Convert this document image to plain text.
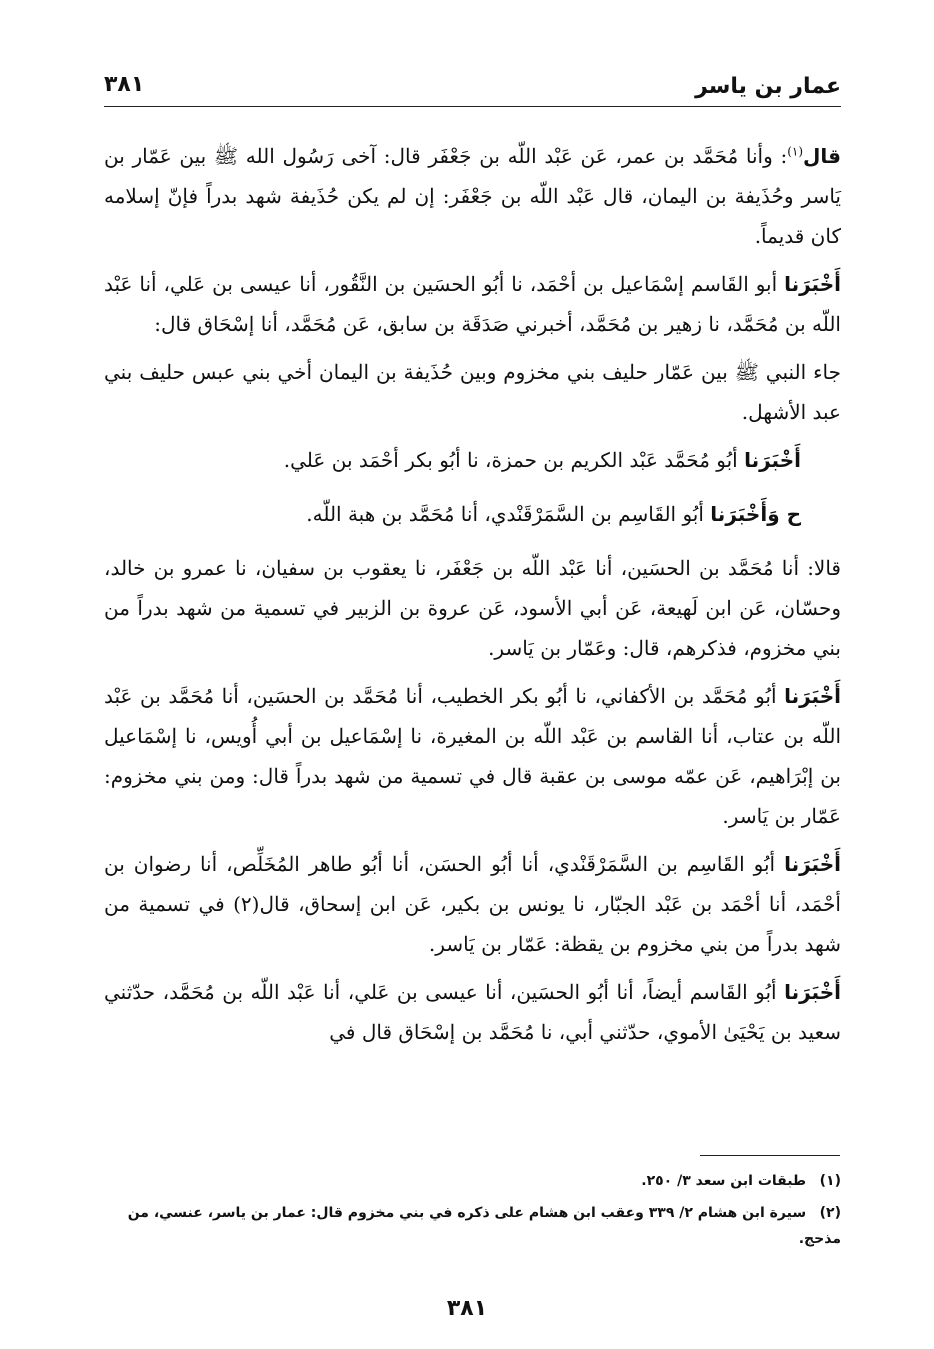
عمار بن ياسر
٣٨١

قال$^{(١)}$: وأنا مُحَمَّد بن عمر، عَن عَبْد اللّه بن جَعْفَر قال: آخى رَسُول الله ﷺ بين عَمّار بن يَاسر وحُذَيفة بن اليمان، قال عَبْد اللّه بن جَعْفَر: إن لم يكن حُذَيفة شهد بدراً فإنّ إسلامه كان قديماً.

أَخْبَرَنا أبو القَاسم إسْمَاعيل بن أحْمَد، نا أبُو الحسَين بن النَّقُور، أنا عيسى بن عَلي، أنا عَبْد اللّه بن مُحَمَّد، نا زهير بن مُحَمَّد، أخبرني صَدَقَة بن سابق، عَن مُحَمَّد، أنا إسْحَاق قال:

جاء النبي ﷺ بين عَمّار حليف بني مخزوم وبين حُذَيفة بن اليمان أخي بني عبس حليف بني عبد الأشهل.

أَخْبَرَنا أبُو مُحَمَّد عَبْد الكريم بن حمزة، نا أبُو بكر أحْمَد بن عَلي.

ح وَأَخْبَرَنا أبُو القَاسِم بن السَّمَرْقَنْدي، أنا مُحَمَّد بن هبة اللّه.

قالا: أنا مُحَمَّد بن الحسَين، أنا عَبْد اللّه بن جَعْفَر، نا يعقوب بن سفيان، نا عمرو بن خالد، وحسّان، عَن ابن لَهيعة، عَن أبي الأسود، عَن عروة بن الزبير في تسمية من شهد بدراً من بني مخزوم، فذكرهم، قال: وعَمّار بن يَاسر.

أَخْبَرَنا أبُو مُحَمَّد بن الأكفاني، نا أبُو بكر الخطيب، أنا مُحَمَّد بن الحسَين، أنا مُحَمَّد بن عَبْد اللّه بن عتاب، أنا القاسم بن عَبْد اللّه بن المغيرة، نا إسْمَاعيل بن أبي أُويس، نا إسْمَاعيل بن إبْرَاهيم، عَن عمّه موسى بن عقبة قال في تسمية من شهد بدراً قال: ومن بني مخزوم: عَمّار بن يَاسر.

أَخْبَرَنا أبُو القَاسِم بن السَّمَرْقَنْدي، أنا أبُو الحسَن، أنا أبُو طاهر المُخَلِّص، أنا رضوان بن أحْمَد، أنا أحْمَد بن عَبْد الجبّار، نا يونس بن بكير، عَن ابن إسحاق، قال(٢) في تسمية من شهد بدراً من بني مخزوم بن يقظة: عَمّار بن يَاسر.

أَخْبَرَنا أبُو القَاسم أيضاً، أنا أبُو الحسَين، أنا عيسى بن عَلي، أنا عَبْد اللّه بن مُحَمَّد، حدّثني سعيد بن يَحْيَىٰ الأموي، حدّثني أبي، نا مُحَمَّد بن إسْحَاق قال في

(١) طبقات ابن سعد ٣/ ٢٥٠.

(٢) سيرة ابن هشام ٢/ ٣٣٩ وعقب ابن هشام على ذكره في بني مخزوم قال: عمار بن ياسر، عنسي، من مذحج.

٣٨١
